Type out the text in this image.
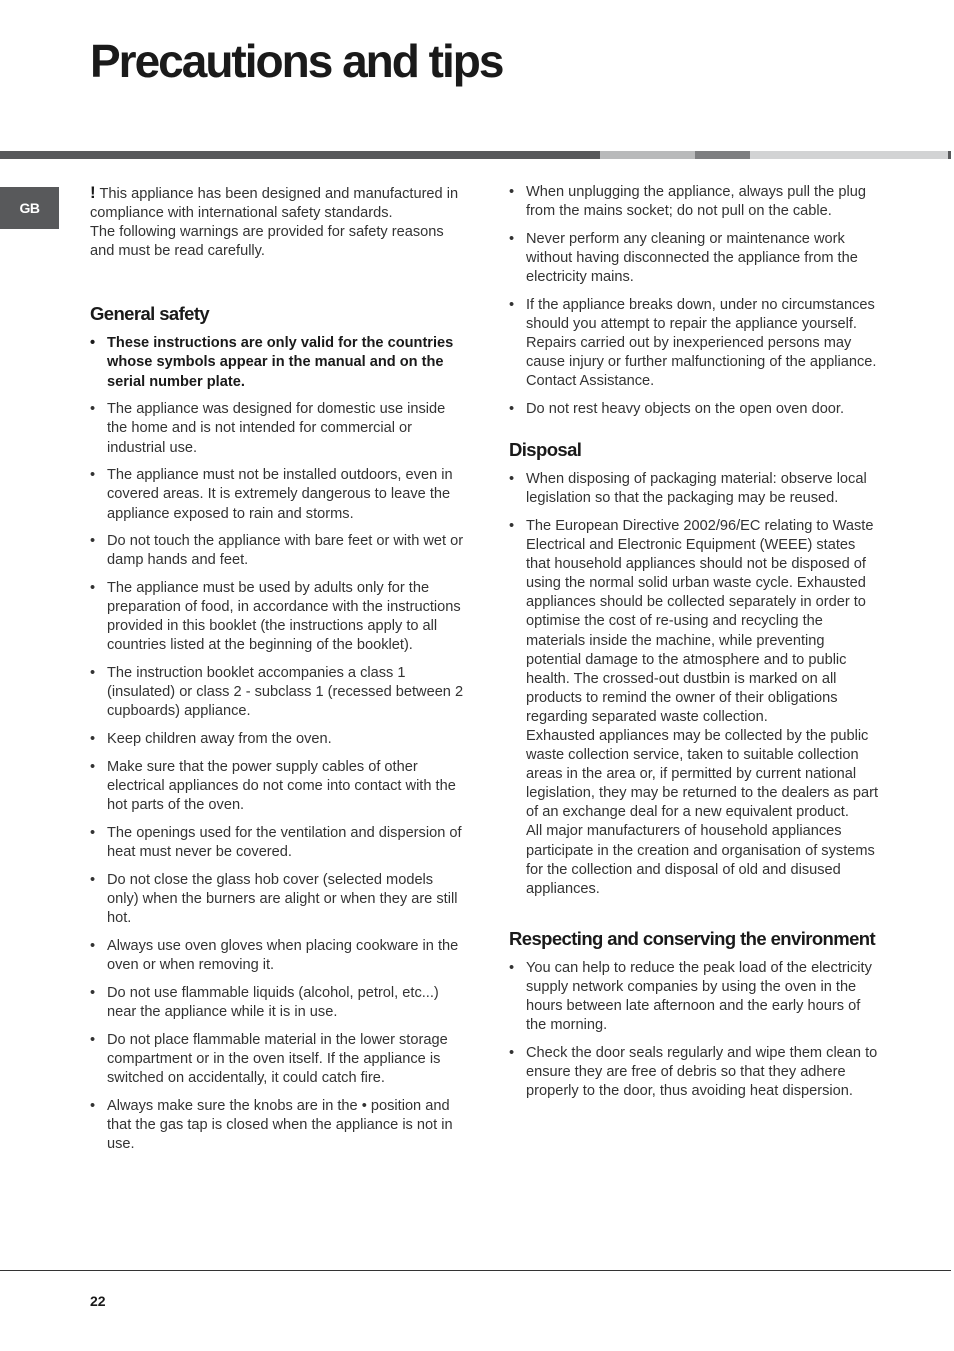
Precautions and tips
GB

! This appliance has been designed and manufactured in compliance with international safety standards.

The following warnings are provided for safety reasons and must be read carefully.

General safety
• These instructions are only valid for the countries whose symbols appear in the manual and on the serial number plate.
• The appliance was designed for domestic use inside the home and is not intended for commercial or industrial use.
• The appliance must not be installed outdoors, even in covered areas. It is extremely dangerous to leave the appliance exposed to rain and storms.
• Do not touch the appliance with bare feet or with wet or damp hands and feet.
• The appliance must be used by adults only for the preparation of food, in accordance with the instructions provided in this booklet (the instructions apply to all countries listed at the beginning of the booklet).
• The instruction booklet accompanies a class 1 (insulated) or class 2 - subclass 1 (recessed between 2 cupboards) appliance.
• Keep children away from the oven.
• Make sure that the power supply cables of other electrical appliances do not come into contact with the hot parts of the oven.
• The openings used for the ventilation and dispersion of heat must never be covered.
• Do not close the glass hob cover (selected models only) when the burners are alight or when they are still hot.
• Always use oven gloves when placing cookware in the oven or when removing it.
• Do not use flammable liquids (alcohol, petrol, etc...) near the appliance while it is in use.
• Do not place flammable material in the lower storage compartment or in the oven itself. If the appliance is switched on accidentally, it could catch fire.
• Always make sure the knobs are in the • position and that the gas tap is closed when the appliance is not in use.
• When unplugging the appliance, always pull the plug from the mains socket; do not pull on the cable.
• Never perform any cleaning or maintenance work without having disconnected the appliance from the electricity mains.
• If the appliance breaks down, under no circumstances should you attempt to repair the appliance yourself. Repairs carried out by inexperienced persons may cause injury or further malfunctioning of the appliance. Contact Assistance.
• Do not rest heavy objects on the open oven door.
Disposal
• When disposing of packaging material: observe local legislation so that the packaging may be reused.

• The European Directive 2002/96/EC relating to Waste Electrical and Electronic Equipment (WEEE) states that household appliances should not be disposed of using the normal solid urban waste cycle. Exhausted appliances should be collected separately in order to optimise the cost of re-using and recycling the materials inside the machine, while preventing potential damage to the atmosphere and to public health. The crossed-out dustbin is marked on all products to remind the owner of their obligations regarding separated waste collection.

Exhausted appliances may be collected by the public waste collection service, taken to suitable collection areas in the area or, if permitted by current national legislation, they may be returned to the dealers as part of an exchange deal for a new equivalent product.

All major manufacturers of household appliances participate in the creation and organisation of systems for the collection and disposal of old and disused appliances.

Respecting and conserving the environment
• You can help to reduce the peak load of the electricity supply network companies by using the oven in the hours between late afternoon and the early hours of the morning.
• Check the door seals regularly and wipe them clean to ensure they are free of debris so that they adhere properly to the door, thus avoiding heat dispersion.
22
